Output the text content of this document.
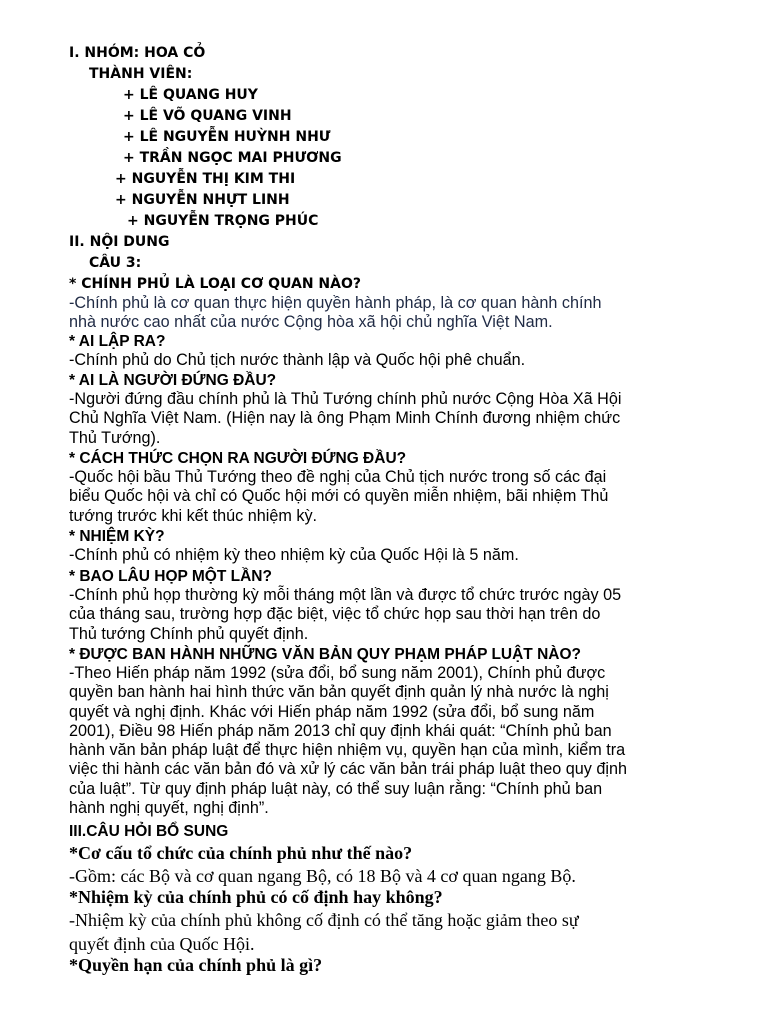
I. NHÓM: HOA CỎ

THÀNH VIÊN:

+ LÊ QUANG HUY

+ LÊ VÕ QUANG VINH

+ LÊ NGUYỄN HUỲNH NHƯ

+ TRẦN NGỌC MAI PHƯƠNG

+ NGUYỄN THỊ KIM THI

+ NGUYỄN NHỰT LINH

+ NGUYỄN TRỌNG PHÚC

II. NỘI DUNG

CÂU 3:

* CHÍNH PHỦ LÀ LOẠI CƠ QUAN NÀO?

-Chính phủ là cơ quan thực hiện quyền hành pháp, là cơ quan hành chính

nhà nước cao nhất của nước Cộng hòa xã hội chủ nghĩa Việt Nam.

* AI LẬP RA?

-Chính phủ do Chủ tịch nước thành lập và Quốc hội phê chuẩn.

* AI LÀ NGƯỜI ĐỨNG ĐẦU?

-Người đứng đầu chính phủ là Thủ Tướng chính phủ nước Cộng Hòa Xã Hội

Chủ Nghĩa Việt Nam. (Hiện nay là ông Phạm Minh Chính đương nhiệm chức

Thủ Tướng).

* CÁCH THỨC CHỌN RA NGƯỜI ĐỨNG ĐẦU?

-Quốc hội bầu Thủ Tướng theo đề nghị của Chủ tịch nước trong số các đại

biểu Quốc hội và chỉ có Quốc hội mới có quyền miễn nhiệm, bãi nhiệm Thủ

tướng trước khi kết thúc nhiệm kỳ.

* NHIỆM KỲ?

-Chính phủ có nhiệm kỳ theo nhiệm kỳ của Quốc Hội là 5 năm.

* BAO LÂU HỌP MỘT LẦN?

-Chính phủ họp thường kỳ mỗi tháng một lần và được tổ chức trước ngày 05

của tháng sau, trường hợp đặc biệt, việc tổ chức họp sau thời hạn trên do

Thủ tướng Chính phủ quyết định.

* ĐƯỢC BAN HÀNH NHỮNG VĂN BẢN QUY PHẠM PHÁP LUẬT NÀO?

-Theo Hiến pháp năm 1992 (sửa đổi, bổ sung năm 2001), Chính phủ được

quyền ban hành hai hình thức văn bản quyết định quản lý nhà nước là nghị

quyết và nghị định. Khác với Hiến pháp năm 1992 (sửa đổi, bổ sung năm

2001), Điều 98 Hiến pháp năm 2013 chỉ quy định khái quát: “Chính phủ ban

hành văn bản pháp luật để thực hiện nhiệm vụ, quyền hạn của mình, kiểm tra

việc thi hành các văn bản đó và xử lý các văn bản trái pháp luật theo quy định

của luật”. Từ quy định pháp luật này, có thể suy luận rằng: “Chính phủ ban

hành nghị quyết, nghị định”.

III.CÂU HỎI BỔ SUNG

*Cơ cấu tổ chức của chính phủ như thế nào?

-Gồm: các Bộ và cơ quan ngang Bộ, có 18 Bộ và 4 cơ quan ngang Bộ.

*Nhiệm kỳ của chính phủ có cố định hay không?

-Nhiệm kỳ của chính phủ không cố định có thể tăng hoặc giảm theo sự

quyết định của Quốc Hội.

*Quyền hạn của chính phủ là gì?
